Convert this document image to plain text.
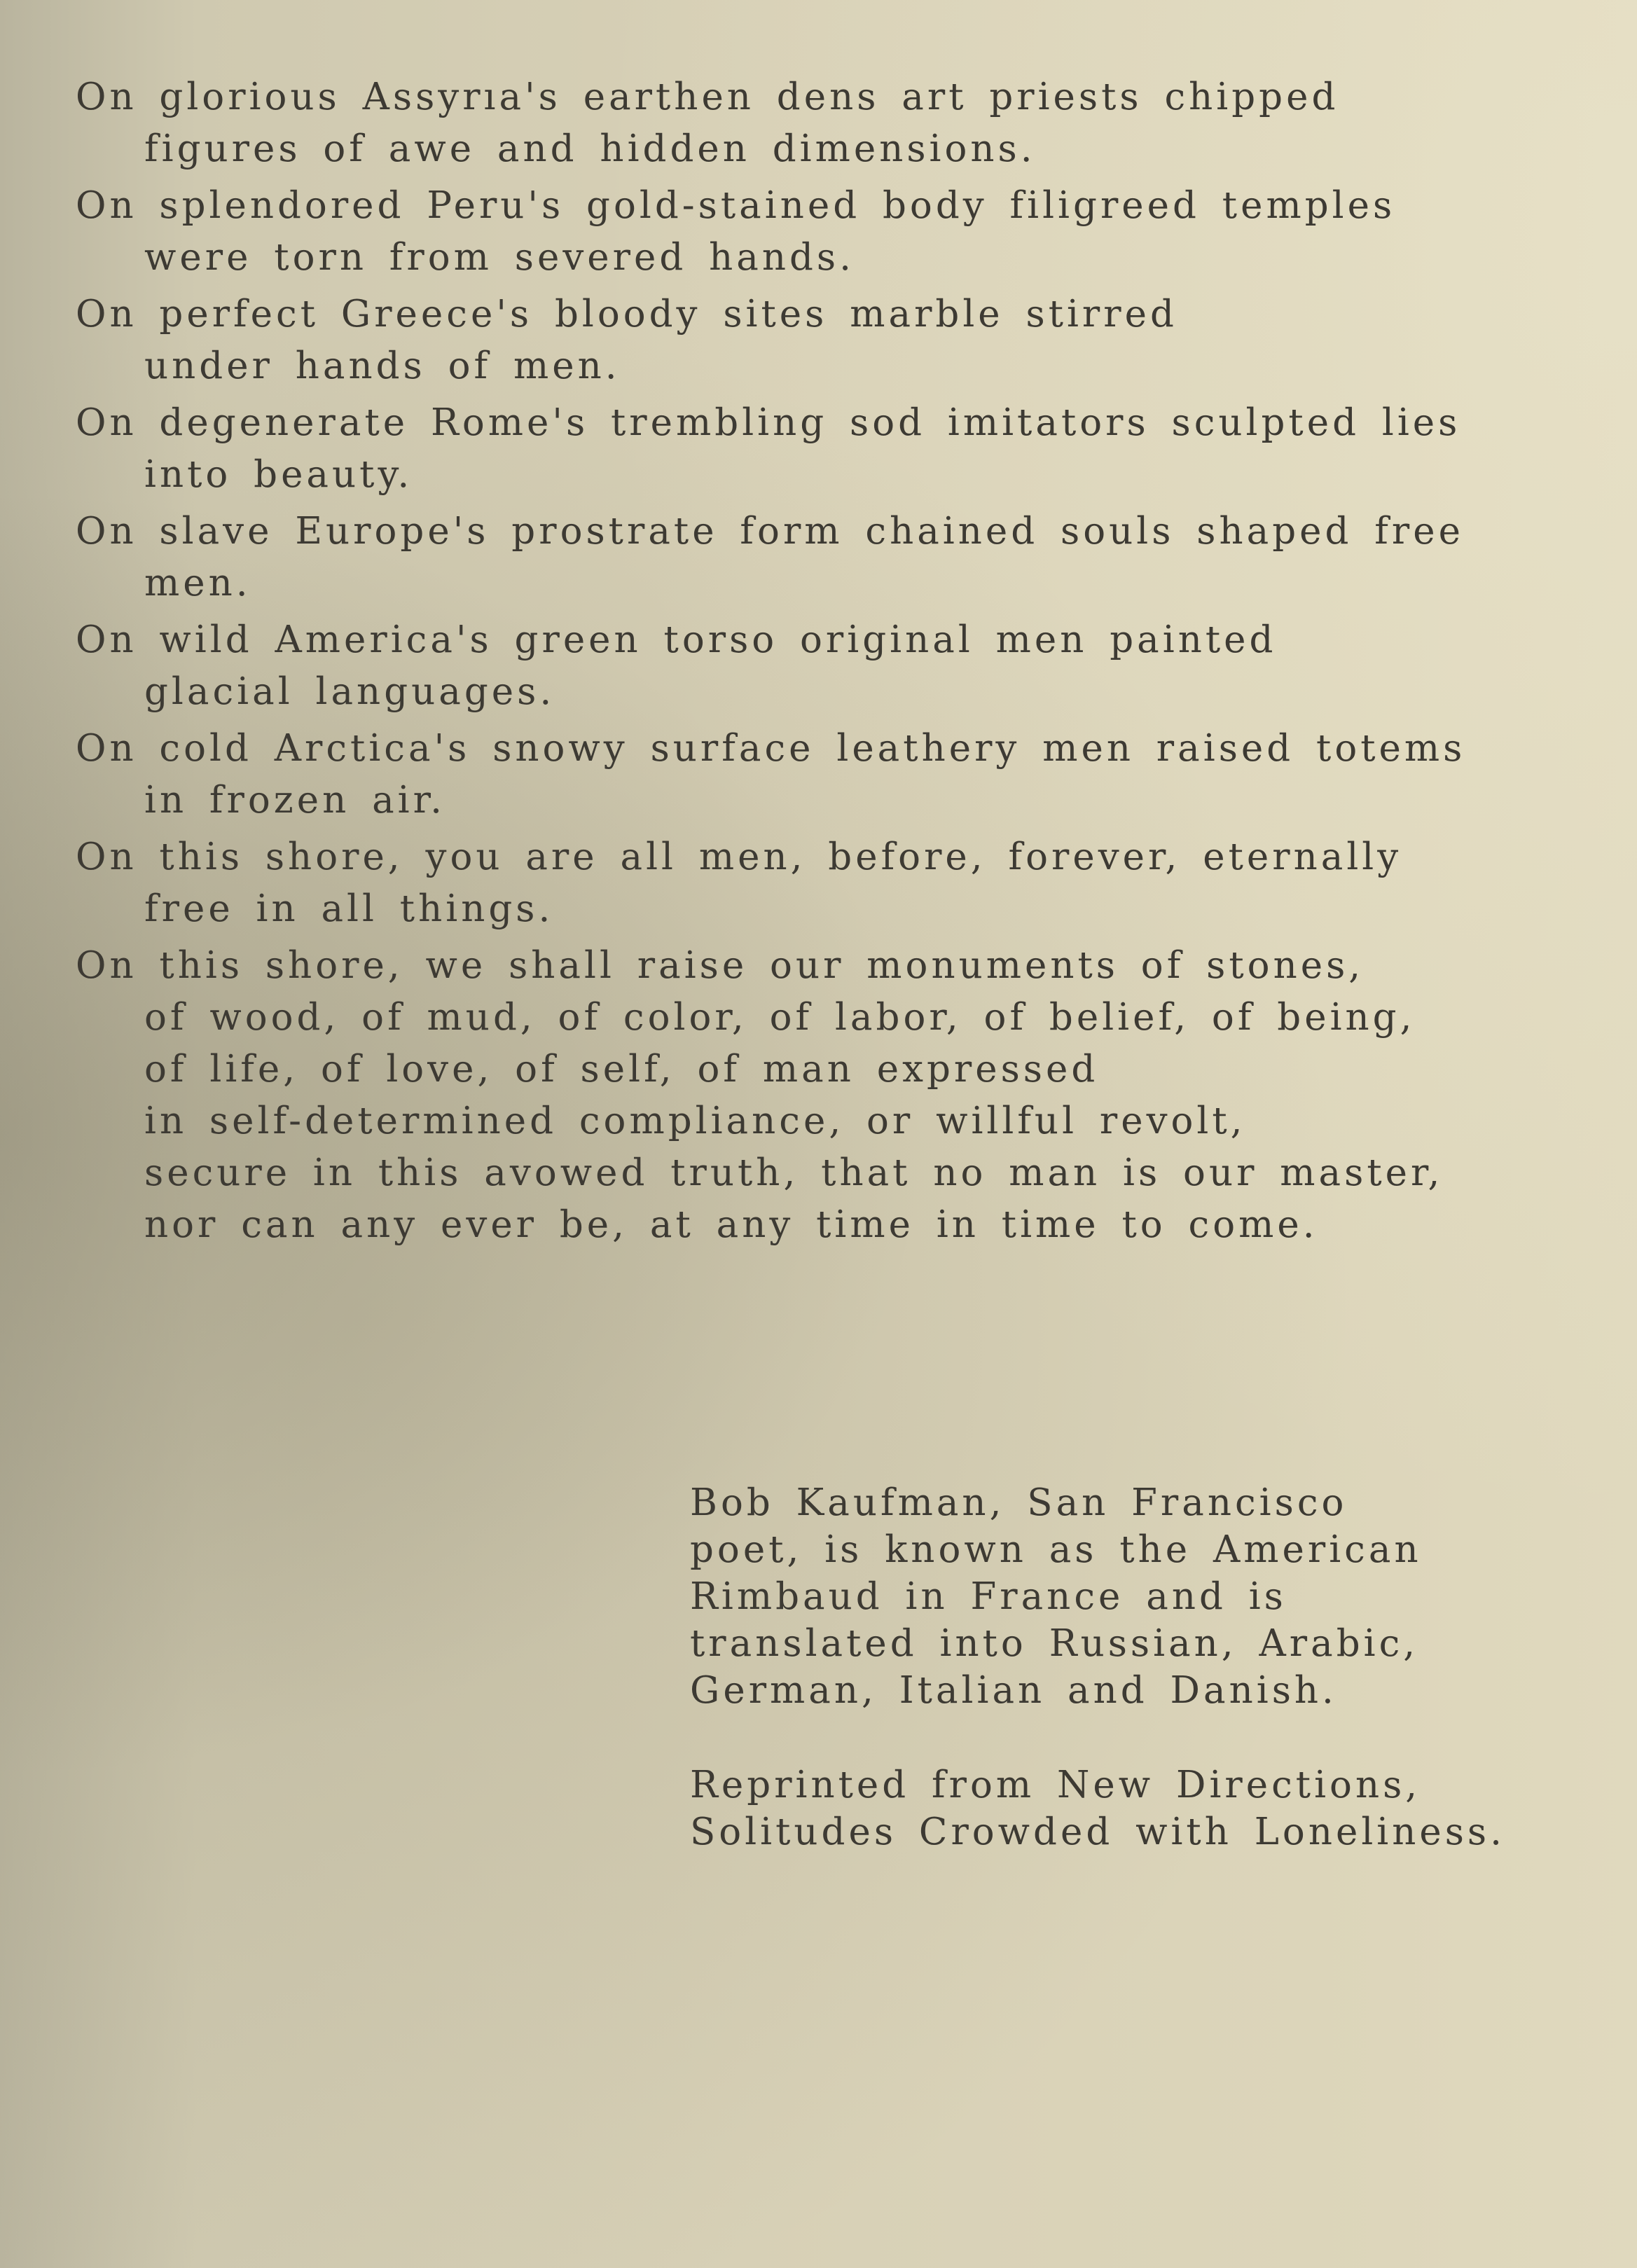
On glorious Assyrıa's earthen dens art priests chipped
figures of awe and hidden dimensions.
On splendored Peru's gold-stained body filigreed temples
were torn from severed hands.
On perfect Greece's bloody sites marble stirred
under hands of men.
On degenerate Rome's trembling sod imitators sculpted lies
into beauty.
On slave Europe's prostrate form chained souls shaped free
men.
On wild America's green torso original men painted
glacial languages.
On cold Arctica's snowy surface leathery men raised totems
in frozen air.
On this shore, you are all men, before, forever, eternally
free in all things.
On this shore, we shall raise our monuments of stones,
of wood, of mud, of color, of labor, of belief, of being,
of life, of love, of self, of man expressed
in self-determined compliance, or willful revolt,
secure in this avowed truth, that no man is our master,
nor can any ever be, at any time in time to come.
Bob Kaufman, San Francisco
poet, is known as the American
Rimbaud in France and is
translated into Russian, Arabic,
German, Italian and Danish.
Reprinted from New Directions,
Solitudes Crowded with Loneliness.
